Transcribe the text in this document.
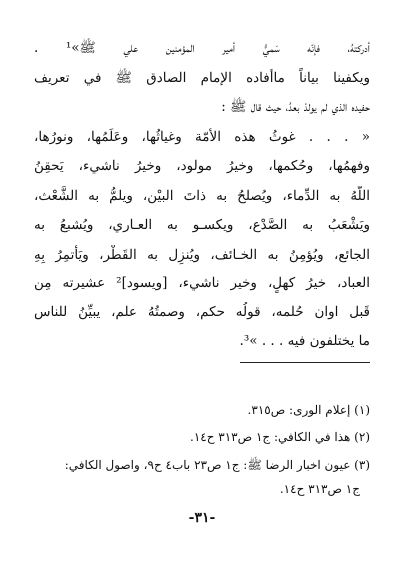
أدركتهُ، فإنّه سَميُّ أمير المؤمنين علي ﷺ»¹ .
ويكفينا بياناً ماأفاده الإمام الصادق ﷺ في تعريف
حفيده الذي لم يولدْ بعدُ، حيث قال ﷺ :
« . . . غوثُ هذه الأمّة وغياثُها، وعَلَمُها، ونورُها،
وفهمُها، وحُكمها، وخيرُ مولود، وخيرُ ناشيء، يَحقِنُ
اللّهُ به الدِّماء، ويُصلحُ به ذاتَ البيْن، ويلمُّ به الشَّعْث،
ويَشْعَبُ به الصَّدْع، ويكسـو به العـاري، ويُشبعُ به
الجائع، ويُؤمِنُ به الخـائف، ويُنزِل به القَطْر، ويَأتمِرُ بِهِ
العباد، خيرُ كهلٍ، وخير ناشيء، [ويسود]² عشيرته مِن
قَبل اوان حُلمه، قولُه حكم، وصمتُهُ علم، يبيِّنُ للناس
ما يختلفون فيه . . . »³.
(١) إعلام الورى: ص٣١٥.
(٢) هذا في الكافي: ج١ ص٣١٣ ح١٤.
(٣) عيون اخبار الرضا ﷺ: ج١ ص٢٣ باب٤ ح٩، واصول الكافي:
ج١ ص٣١٣ ح١٤.
-٣١-
